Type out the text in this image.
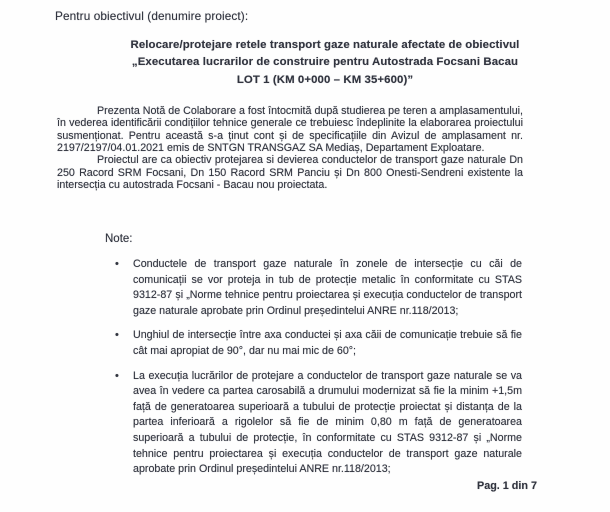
Pentru obiectivul (denumire proiect):
Relocare/protejare retele transport gaze naturale afectate de obiectivul
„Executarea lucrarilor de construire pentru Autostrada Focsani Bacau
LOT 1 (KM 0+000 – KM 35+600)”

Prezenta Notă de Colaborare a fost întocmită după studierea pe teren a amplasamentului, în vederea identificării condițiilor tehnice generale ce trebuiesc îndeplinite la elaborarea proiectului susmenționat. Pentru această s-a ținut cont și de specificațiile din Avizul de amplasament nr. 2197/2197/04.01.2021 emis de SNTGN TRANSGAZ SA Mediaș, Departament Exploatare.

Proiectul are ca obiectiv protejarea si devierea conductelor de transport gaze naturale Dn 250 Racord SRM Focsani, Dn 150 Racord SRM Panciu și Dn 800 Onesti-Sendreni existente la intersecția cu autostrada Focsani - Bacau nou proiectata.

Note:
• Conductele de transport gaze naturale în zonele de intersecție cu căi de comunicații se vor proteja in tub de protecție metalic în conformitate cu STAS 9312-87 și „Norme tehnice pentru proiectarea și execuția conductelor de transport gaze naturale aprobate prin Ordinul președintelui ANRE nr.118/2013;
• Unghiul de intersecție între axa conductei și axa căii de comunicație trebuie să fie cât mai apropiat de 90°, dar nu mai mic de 60°;
• La execuția lucrărilor de protejare a conductelor de transport gaze naturale se va avea în vedere ca partea carosabilă a drumului modernizat să fie la minim +1,5m față de generatoarea superioară a tubului de protecție proiectat și distanța de la partea inferioară a rigolelor să fie de minim 0,80 m față de generatoarea superioară a tubului de protecție, în conformitate cu STAS 9312-87 și „Norme tehnice pentru proiectarea și execuția conductelor de transport gaze naturale aprobate prin Ordinul președintelui ANRE nr.118/2013;
Pag. 1 din 7
